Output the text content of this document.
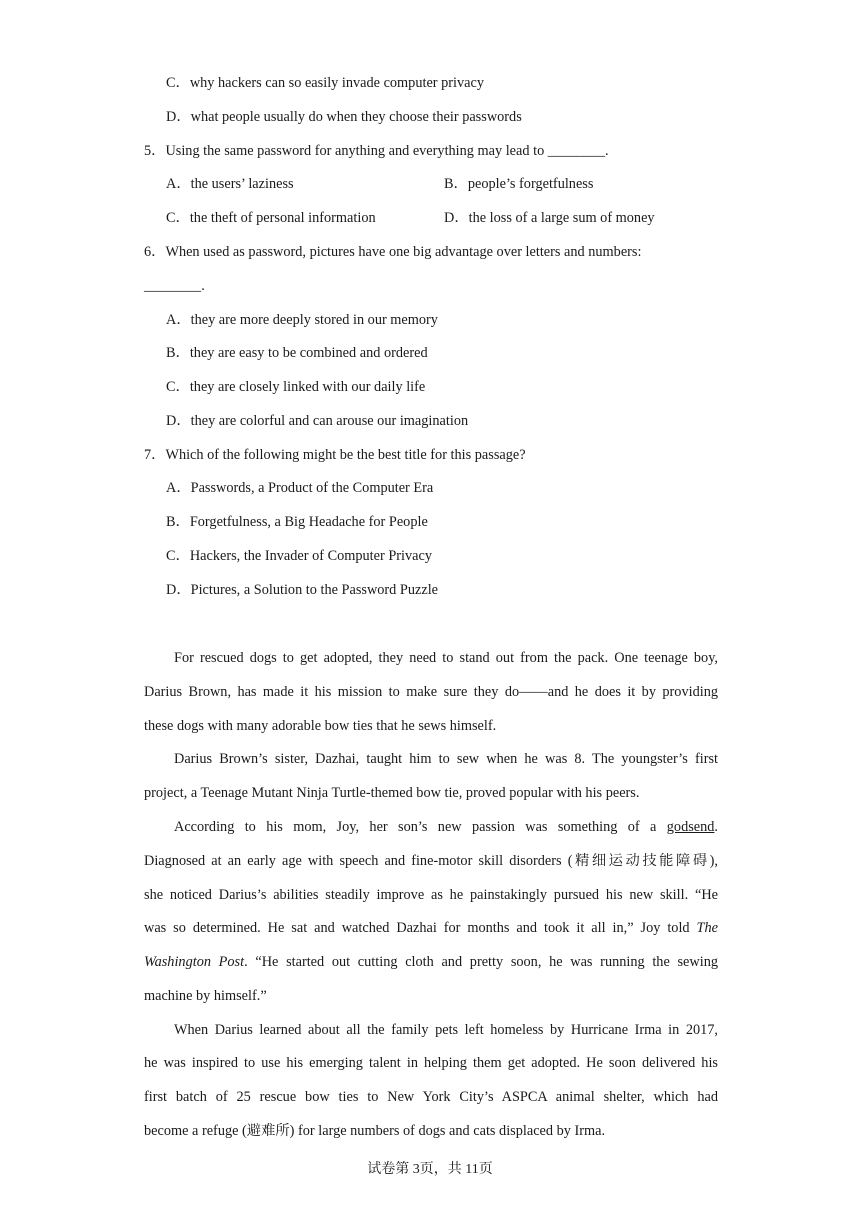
C．why hackers can so easily invade computer privacy
D．what people usually do when they choose their passwords
5．Using the same password for anything and everything may lead to ________.
A．the users’ laziness	B．people’s forgetfulness
C．the theft of personal information	D．the loss of a large sum of money
6．When used as password, pictures have one big advantage over letters and numbers:
________.
A．they are more deeply stored in our memory
B．they are easy to be combined and ordered
C．they are closely linked with our daily life
D．they are colorful and can arouse our imagination
7．Which of the following might be the best title for this passage?
A．Passwords, a Product of the Computer Era
B．Forgetfulness, a Big Headache for People
C．Hackers, the Invader of Computer Privacy
D．Pictures, a Solution to the Password Puzzle
For rescued dogs to get adopted, they need to stand out from the pack. One teenage boy,
Darius Brown, has made it his mission to make sure they do——and he does it by providing
these dogs with many adorable bow ties that he sews himself.
Darius Brown’s sister, Dazhai, taught him to sew when he was 8. The youngster’s first
project, a Teenage Mutant Ninja Turtle-themed bow tie, proved popular with his peers.
According to his mom, Joy, her son’s new passion was something of a godsend.
Diagnosed at an early age with speech and fine-motor skill disorders (精细运动技能障碍),
she noticed Darius’s abilities steadily improve as he painstakingly pursued his new skill. “He
was so determined. He sat and watched Dazhai for months and took it all in,” Joy told The
Washington Post. “He started out cutting cloth and pretty soon, he was running the sewing
machine by himself.”
When Darius learned about all the family pets left homeless by Hurricane Irma in 2017,
he was inspired to use his emerging talent in helping them get adopted. He soon delivered his
first batch of 25 rescue bow ties to New York City’s ASPCA animal shelter, which had
become a refuge (避难所) for large numbers of dogs and cats displaced by Irma.
试卷第 3页，共 11页
